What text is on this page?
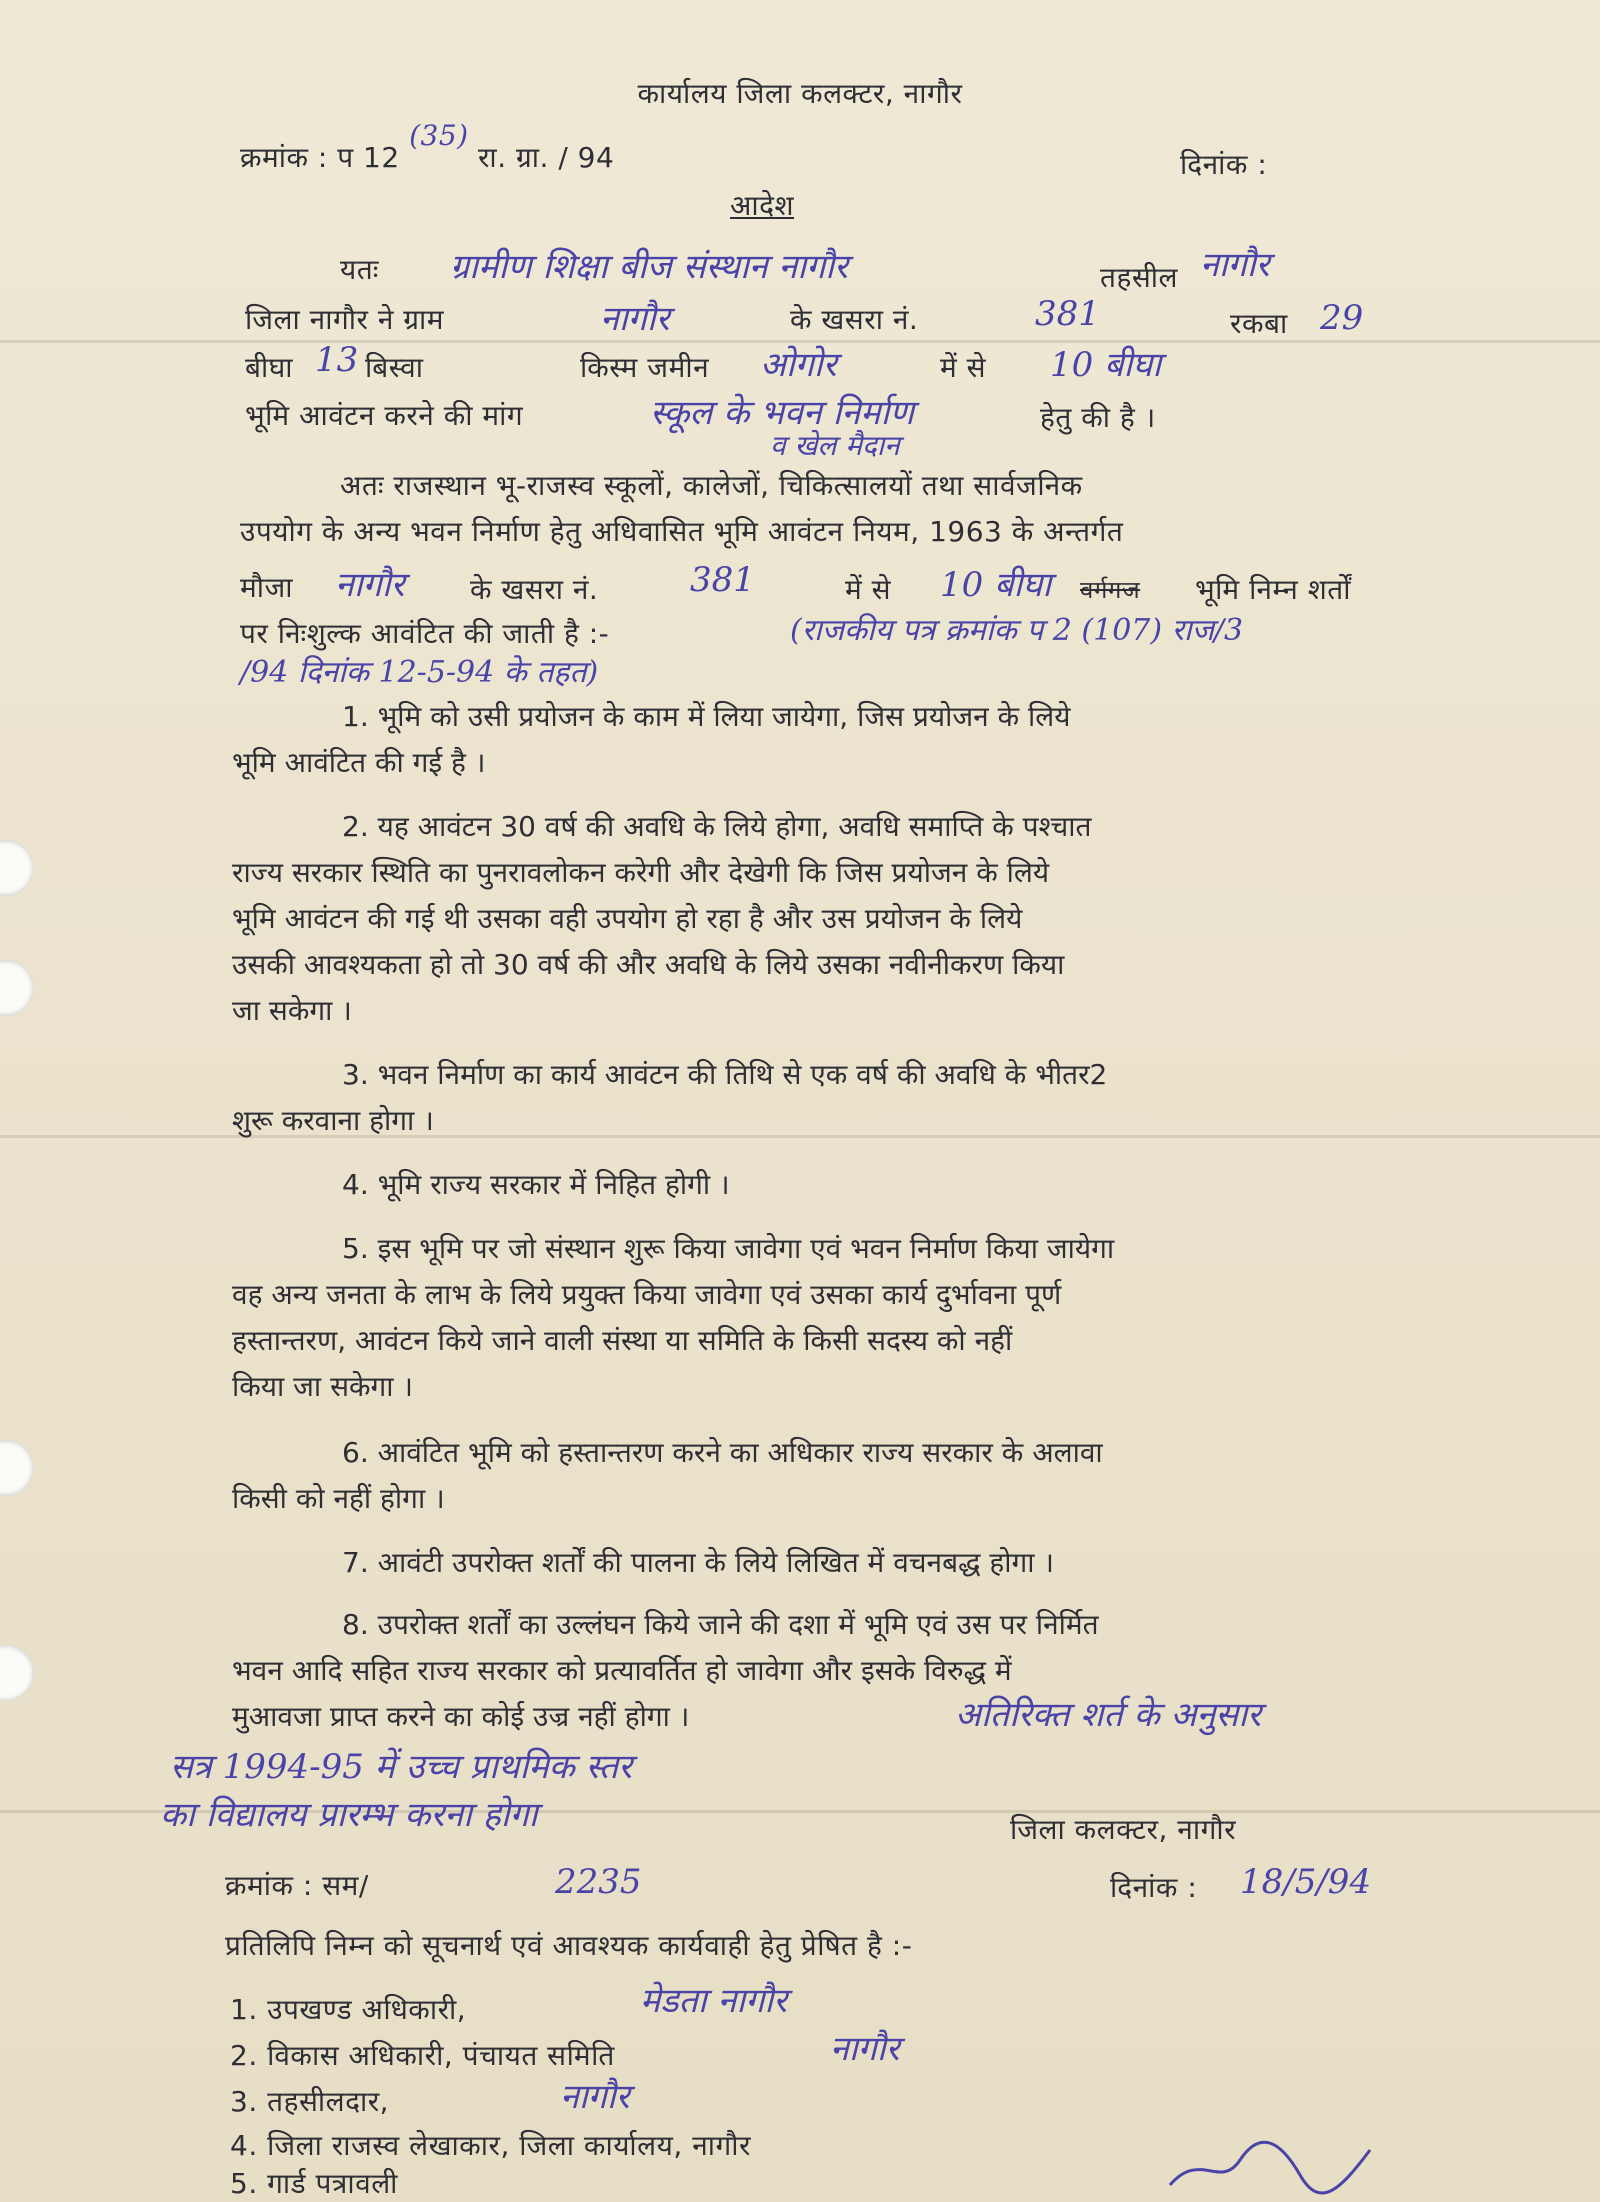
कार्यालय जिला कलक्टर, नागौर
क्रमांक : प 12 (35) रा. ग्रा. / 94	दिनांक :
आदेश
यतः ग्रामीण शिक्षा बीज संस्थान नागौर	तहसील नागौर
जिला नागौर ने ग्राम	नागौर	के खसरा नं.	381	रकबा 29
बीघा 13 बिस्वा	किस्म जमीन ओगोर	में से 10 बीघा
भूमि आवंटन करने की मांग	स्कूल के भवन निर्माण
व खेल मैदान
हेतु की है ।
अतः राजस्थान भू-राजस्व स्कूलों, कालेजों, चिकित्सालयों तथा सार्वजनिक
उपयोग के अन्य भवन निर्माण हेतु अधिवासित भूमि आवंटन नियम, 1963 के अन्तर्गत
मौजा नागौर के खसरा नं.	381	में से 10 बीघा वर्गगज भूमि निम्न शर्तों
पर निःशुल्क आवंटित की जाती है :-	(राजकीय पत्र क्रमांक प 2 (107) राज/3
/94 दिनांक 12-5-94 के तहत)

1. भूमि को उसी प्रयोजन के काम में लिया जायेगा, जिस प्रयोजन के लिये

भूमि आवंटित की गई है ।

2. यह आवंटन 30 वर्ष की अवधि के लिये होगा, अवधि समाप्ति के पश्चात

राज्य सरकार स्थिति का पुनरावलोकन करेगी और देखेगी कि जिस प्रयोजन के लिये

भूमि आवंटन की गई थी उसका वही उपयोग हो रहा है और उस प्रयोजन के लिये

उसकी आवश्यकता हो तो 30 वर्ष की और अवधि के लिये उसका नवीनीकरण किया

जा सकेगा ।

3. भवन निर्माण का कार्य आवंटन की तिथि से एक वर्ष की अवधि के भीतर2

शुरू करवाना होगा ।

4. भूमि राज्य सरकार में निहित होगी ।

5. इस भूमि पर जो संस्थान शुरू किया जावेगा एवं भवन निर्माण किया जायेगा

वह अन्य जनता के लाभ के लिये प्रयुक्त किया जावेगा एवं उसका कार्य दुर्भावना पूर्ण

हस्तान्तरण, आवंटन किये जाने वाली संस्था या समिति के किसी सदस्य को नहीं

किया जा सकेगा ।

6. आवंटित भूमि को हस्तान्तरण करने का अधिकार राज्य सरकार के अलावा

किसी को नहीं होगा ।

7. आवंटी उपरोक्त शर्तों की पालना के लिये लिखित में वचनबद्ध होगा ।

8. उपरोक्त शर्तों का उल्लंघन किये जाने की दशा में भूमि एवं उस पर निर्मित

भवन आदि सहित राज्य सरकार को प्रत्यावर्तित हो जावेगा और इसके विरुद्ध में

मुआवजा प्राप्त करने का कोई उज्र नहीं होगा ।	अतिरिक्त शर्त के अनुसार
सत्र 1994-95 में उच्च प्राथमिक स्तर
का विद्यालय प्रारम्भ करना होगा	जिला कलक्टर, नागौर
क्रमांक : सम/	2235	दिनांक : 18/5/94
प्रतिलिपि निम्न को सूचनार्थ एवं आवश्यक कार्यवाही हेतु प्रेषित है :-
1. उपखण्ड अधिकारी,	मेडता नागौर
2. विकास अधिकारी, पंचायत समिति	नागौर
3. तहसीलदार,	नागौर
4. जिला राजस्व लेखाकार, जिला कार्यालय, नागौर
5. गार्ड पत्रावली
